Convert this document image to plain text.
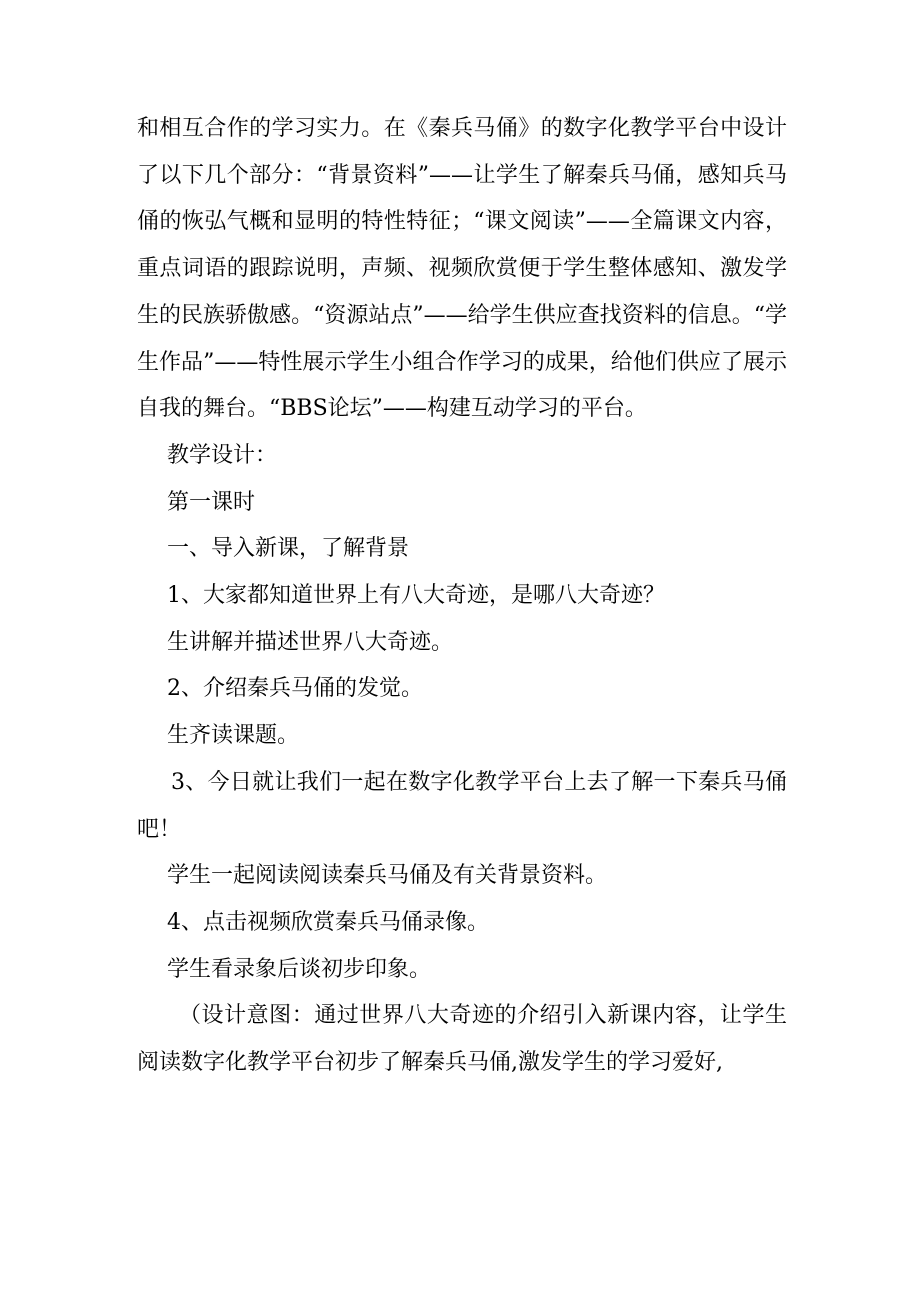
和相互合作的学习实力。在《秦兵马俑》的数字化教学平台中设计了以下几个部分：“背景资料”——让学生了解秦兵马俑，感知兵马俑的恢弘气概和显明的特性特征；“课文阅读”——全篇课文内容，重点词语的跟踪说明，声频、视频欣赏便于学生整体感知、激发学生的民族骄傲感。“资源站点”——给学生供应查找资料的信息。“学生作品”——特性展示学生小组合作学习的成果，给他们供应了展示自我的舞台。“BBS论坛”——构建互动学习的平台。

教学设计：

第一课时

一、导入新课，了解背景

1、大家都知道世界上有八大奇迹，是哪八大奇迹？

生讲解并描述世界八大奇迹。

2、介绍秦兵马俑的发觉。

生齐读课题。

3、今日就让我们一起在数字化教学平台上去了解一下秦兵马俑吧！

学生一起阅读阅读秦兵马俑及有关背景资料。

4、点击视频欣赏秦兵马俑录像。

学生看录象后谈初步印象。

（设计意图：通过世界八大奇迹的介绍引入新课内容，让学生阅读数字化教学平台初步了解秦兵马俑,激发学生的学习爱好,
